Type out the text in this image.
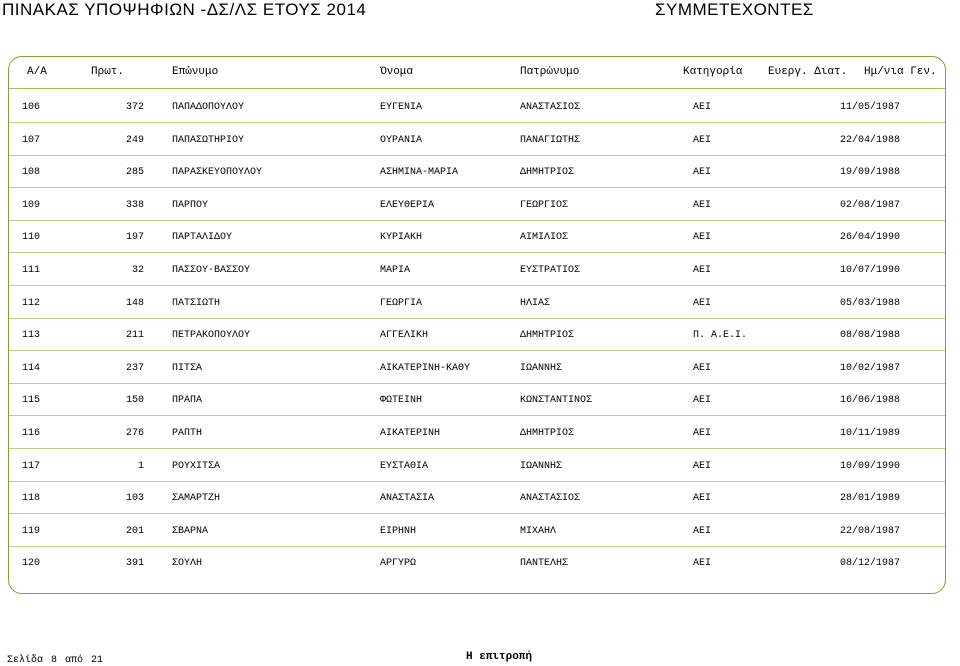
ΠΙΝΑΚΑΣ ΥΠΟΨΗΦΙΩΝ -ΔΣ/ΛΣ ΕΤΟΥΣ 2014	ΣΥΜΜΕΤΕΧΟΝΤΕΣ
Α/Α	Πρωτ.	Επώνυμο	Όνομα	Πατρώνυμο	Κατηγορία Ευεργ. Διατ. Ημ/νια Γεν.
106	372	ΠΑΠΑΔΟΠΟΥΛΟΥ	ΕΥΓΕΝΙΑ	ΑΝΑΣΤΑΣΙΟΣ	ΑΕΙ	11/05/1987
107	249	ΠΑΠΑΣΩΤΗΡΙΟΥ	ΟΥΡΑΝΙΑ	ΠΑΝΑΓΙΩΤΗΣ	ΑΕΙ	22/04/1988
108	285	ΠΑΡΑΣΚΕΥΟΠΟΥΛΟΥ	ΑΣΗΜΙΝΑ-ΜΑΡΙΑ	ΔΗΜΗΤΡΙΟΣ	ΑΕΙ	19/09/1988
109	338	ΠΑΡΠΟΥ	ΕΛΕΥΘΕΡΙΑ	ΓΕΩΡΓΙΟΣ	ΑΕΙ	02/08/1987
110	197	ΠΑΡΤΑΛΙΔΟΥ	ΚΥΡΙΑΚΗ	ΑΙΜΙΛΙΟΣ	ΑΕΙ	26/04/1990
111	32	ΠΑΣΣΟΥ-ΒΑΣΣΟΥ	ΜΑΡΙΑ	ΕΥΣΤΡΑΤΙΟΣ	ΑΕΙ	10/07/1990
112	148	ΠΑΤΣΙΩΤΗ	ΓΕΩΡΓΙΑ	ΗΛΙΑΣ	ΑΕΙ	05/03/1988
113	211	ΠΕΤΡΑΚΟΠΟΥΛΟΥ	ΑΓΓΕΛΙΚΗ	ΔΗΜΗΤΡΙΟΣ	Π. Α.Ε.Ι.	08/08/1988
114	237	ΠΙΤΣΑ	ΑΙΚΑΤΕΡΙΝΗ-ΚΑΘΥ	ΙΩΑΝΝΗΣ	ΑΕΙ	10/02/1987
115	150	ΠΡΑΠΑ	ΦΩΤΕΙΝΗ	ΚΩΝΣΤΑΝΤΙΝΟΣ	ΑΕΙ	16/06/1988
116	276	ΡΑΠΤΗ	ΑΙΚΑΤΕΡΙΝΗ	ΔΗΜΗΤΡΙΟΣ	ΑΕΙ	10/11/1989
117	1	ΡΟΥΧΙΤΣΑ	ΕΥΣΤΑΘΙΑ	ΙΩΑΝΝΗΣ	ΑΕΙ	10/09/1990
118	103	ΣΑΜΑΡΤΖΗ	ΑΝΑΣΤΑΣΙΑ	ΑΝΑΣΤΑΣΙΟΣ	ΑΕΙ	28/01/1989
119	201	ΣΒΑΡΝΑ	ΕΙΡΗΝΗ	ΜΙΧΑΗΛ	ΑΕΙ	22/08/1987
120	391	ΣΟΥΛΗ	ΑΡΓΥΡΩ	ΠΑΝΤΕΛΗΣ	ΑΕΙ	08/12/1987
Σελίδα 8 από 21	Η επιτροπή
